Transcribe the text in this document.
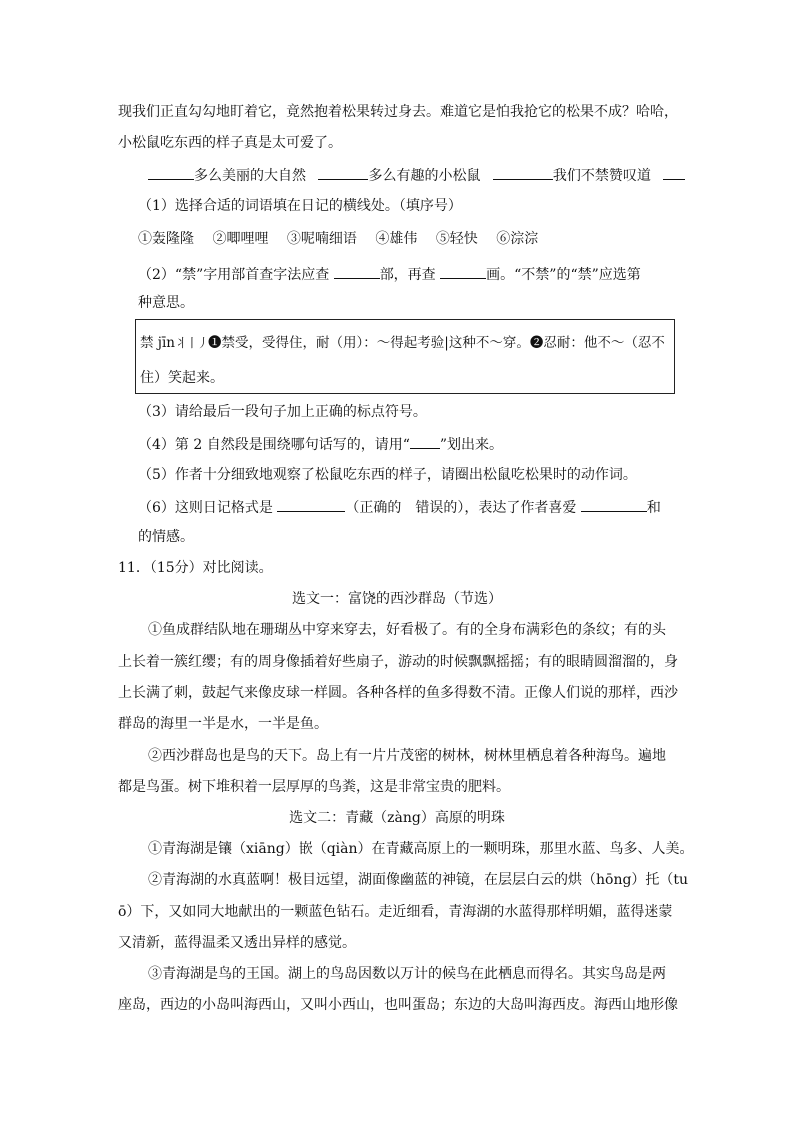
现我们正直勾勾地盯着它，竟然抱着松果转过身去。难道它是怕我抢它的松果不成？哈哈，
小松鼠吃东西的样子真是太可爱了。
多么美丽的大自然	多么有趣的小松鼠	我们不禁赞叹道
（1）选择合适的词语填在日记的横线处。（填序号）
①轰隆隆 ②唧哩哩 ③呢喃细语 ④雄伟 ⑤轻快 ⑥淙淙
（2）“禁”字用部首查字法应查	部，再查	画。“不禁”的“禁”应选第
种意思。
禁 jīn丬丨丿❶禁受，受得住，耐（用）：～得起考验|这种不～穿。❷忍耐：他不～（忍不
住）笑起来。
（3）请给最后一段句子加上正确的标点符号。
（4）第 2 自然段是围绕哪句话写的，请用“ ”划出来。
（5）作者十分细致地观察了松鼠吃东西的样子，请圈出松鼠吃松果时的动作词。
（6）这则日记格式是	（正确的　错误的），表达了作者喜爱	和
的情感。
11．（15分）对比阅读。
选文一：富饶的西沙群岛（节选）
①鱼成群结队地在珊瑚丛中穿来穿去，好看极了。有的全身布满彩色的条纹；有的头
上长着一簇红缨；有的周身像插着好些扇子，游动的时候飘飘摇摇；有的眼睛圆溜溜的，身
上长满了刺，鼓起气来像皮球一样圆。各种各样的鱼多得数不清。正像人们说的那样，西沙
群岛的海里一半是水，一半是鱼。
②西沙群岛也是鸟的天下。岛上有一片片茂密的树林，树林里栖息着各种海鸟。遍地
都是鸟蛋。树下堆积着一层厚厚的鸟粪，这是非常宝贵的肥料。
选文二：青藏（zàng）高原的明珠
①青海湖是镶（xiāng）嵌（qiàn）在青藏高原上的一颗明珠，那里水蓝、鸟多、人美。
②青海湖的水真蓝啊！极目远望，湖面像幽蓝的神镜，在层层白云的烘（hōng）托（tu
ō）下，又如同大地献出的一颗蓝色钻石。走近细看，青海湖的水蓝得那样明媚，蓝得迷蒙
又清新，蓝得温柔又透出异样的感觉。
③青海湖是鸟的王国。湖上的鸟岛因数以万计的候鸟在此栖息而得名。其实鸟岛是两
座岛，西边的小岛叫海西山，又叫小西山，也叫蛋岛；东边的大岛叫海西皮。海西山地形像
